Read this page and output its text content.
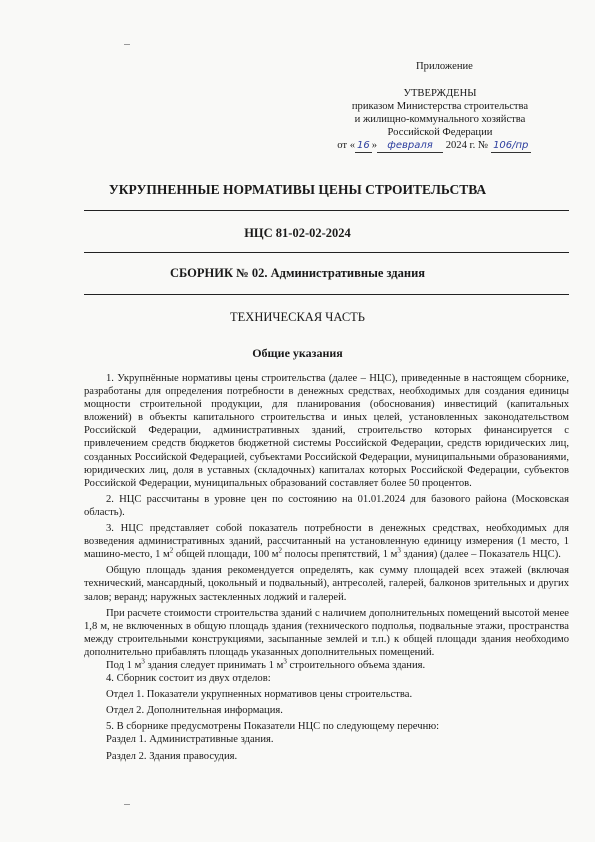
Приложение
УТВЕРЖДЕНЫ
приказом Министерства строительства
и жилищно-коммунального хозяйства
Российской Федерации
от « 16 » февраля 2024 г. № 106/пр
УКРУПНЕННЫЕ НОРМАТИВЫ ЦЕНЫ СТРОИТЕЛЬСТВА
НЦС 81-02-02-2024
СБОРНИК № 02. Административные здания
ТЕХНИЧЕСКАЯ ЧАСТЬ
Общие указания

1. Укрупнённые нормативы цены строительства (далее – НЦС), приведенные в настоящем сборнике, разработаны для определения потребности в денежных средствах, необходимых для создания единицы мощности строительной продукции, для планирования (обоснования) инвестиций (капитальных вложений) в объекты капитального строительства и иных целей, установленных законодательством Российской Федерации, административных зданий, строительство которых финансируется с привлечением средств бюджетов бюджетной системы Российской Федерации, средств юридических лиц, созданных Российской Федерацией, субъектами Российской Федерации, муниципальными образованиями, юридических лиц, доля в уставных (складочных) капиталах которых Российской Федерации, субъектов Российской Федерации, муниципальных образований составляет более 50 процентов.

2. НЦС рассчитаны в уровне цен по состоянию на 01.01.2024 для базового района (Московская область).

3. НЦС представляет собой показатель потребности в денежных средствах, необходимых для возведения административных зданий, рассчитанный на установленную единицу измерения (1 место, 1 машино-место, 1 $м^2$ общей площади, 100 $м^2$ полосы препятствий, 1 $м^3$ здания) (далее – Показатель НЦС).

Общую площадь здания рекомендуется определять, как сумму площадей всех этажей (включая технический, мансардный, цокольный и подвальный), антресолей, галерей, балконов зрительных и других залов; веранд; наружных застекленных лоджий и галерей.

При расчете стоимости строительства зданий с наличием дополнительных помещений высотой менее 1,8 м, не включенных в общую площадь здания (технического подполья, подвальные этажи, пространства между строительными конструкциями, засыпанные землей и т.п.) к общей площади здания необходимо дополнительно прибавлять площадь указанных дополнительных помещений.

Под 1 $м^3$ здания следует принимать 1 $м^3$ строительного объема здания.

4. Сборник состоит из двух отделов:

Отдел 1. Показатели укрупненных нормативов цены строительства.

Отдел 2. Дополнительная информация.

5. В сборнике предусмотрены Показатели НЦС по следующему перечню:

Раздел 1. Административные здания.

Раздел 2. Здания правосудия.
